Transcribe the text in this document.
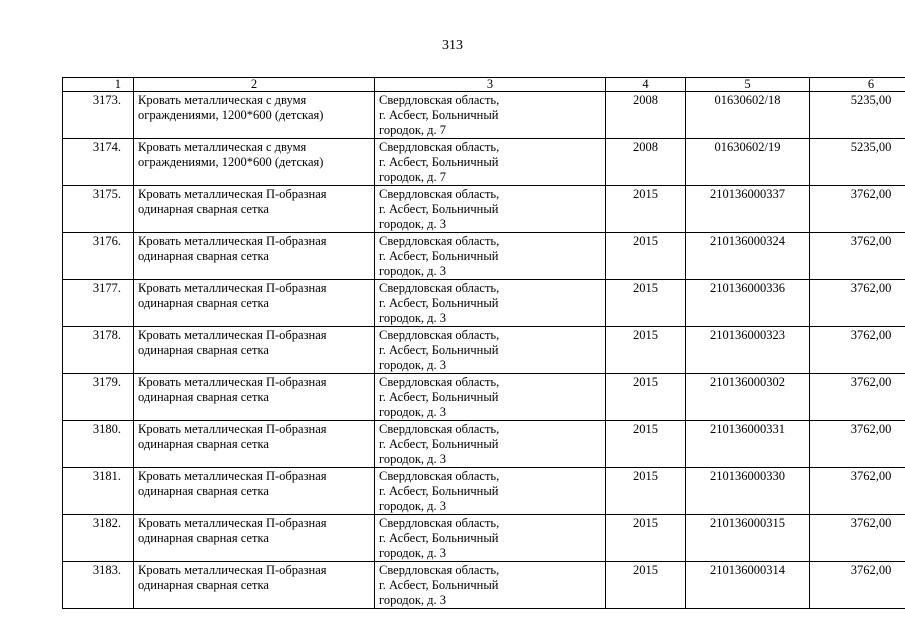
313
1	2	3	4	5	6
3173.	Кровать металлическая с двумя
ограждениями, 1200*600 (детская)	Свердловская область,
г. Асбест, Больничный
городок, д. 7	2008	01630602/18	5235,00
3174.	Кровать металлическая с двумя
ограждениями, 1200*600 (детская)	Свердловская область,
г. Асбест, Больничный
городок, д. 7	2008	01630602/19	5235,00
3175.	Кровать металлическая П-образная
одинарная сварная сетка	Свердловская область,
г. Асбест, Больничный
городок, д. 3	2015	210136000337	3762,00
3176.	Кровать металлическая П-образная
одинарная сварная сетка	Свердловская область,
г. Асбест, Больничный
городок, д. 3	2015	210136000324	3762,00
3177.	Кровать металлическая П-образная
одинарная сварная сетка	Свердловская область,
г. Асбест, Больничный
городок, д. 3	2015	210136000336	3762,00
3178.	Кровать металлическая П-образная
одинарная сварная сетка	Свердловская область,
г. Асбест, Больничный
городок, д. 3	2015	210136000323	3762,00
3179.	Кровать металлическая П-образная
одинарная сварная сетка	Свердловская область,
г. Асбест, Больничный
городок, д. 3	2015	210136000302	3762,00
3180.	Кровать металлическая П-образная
одинарная сварная сетка	Свердловская область,
г. Асбест, Больничный
городок, д. 3	2015	210136000331	3762,00
3181.	Кровать металлическая П-образная
одинарная сварная сетка	Свердловская область,
г. Асбест, Больничный
городок, д. 3	2015	210136000330	3762,00
3182.	Кровать металлическая П-образная
одинарная сварная сетка	Свердловская область,
г. Асбест, Больничный
городок, д. 3	2015	210136000315	3762,00
3183.	Кровать металлическая П-образная
одинарная сварная сетка	Свердловская область,
г. Асбест, Больничный
городок, д. 3	2015	210136000314	3762,00
